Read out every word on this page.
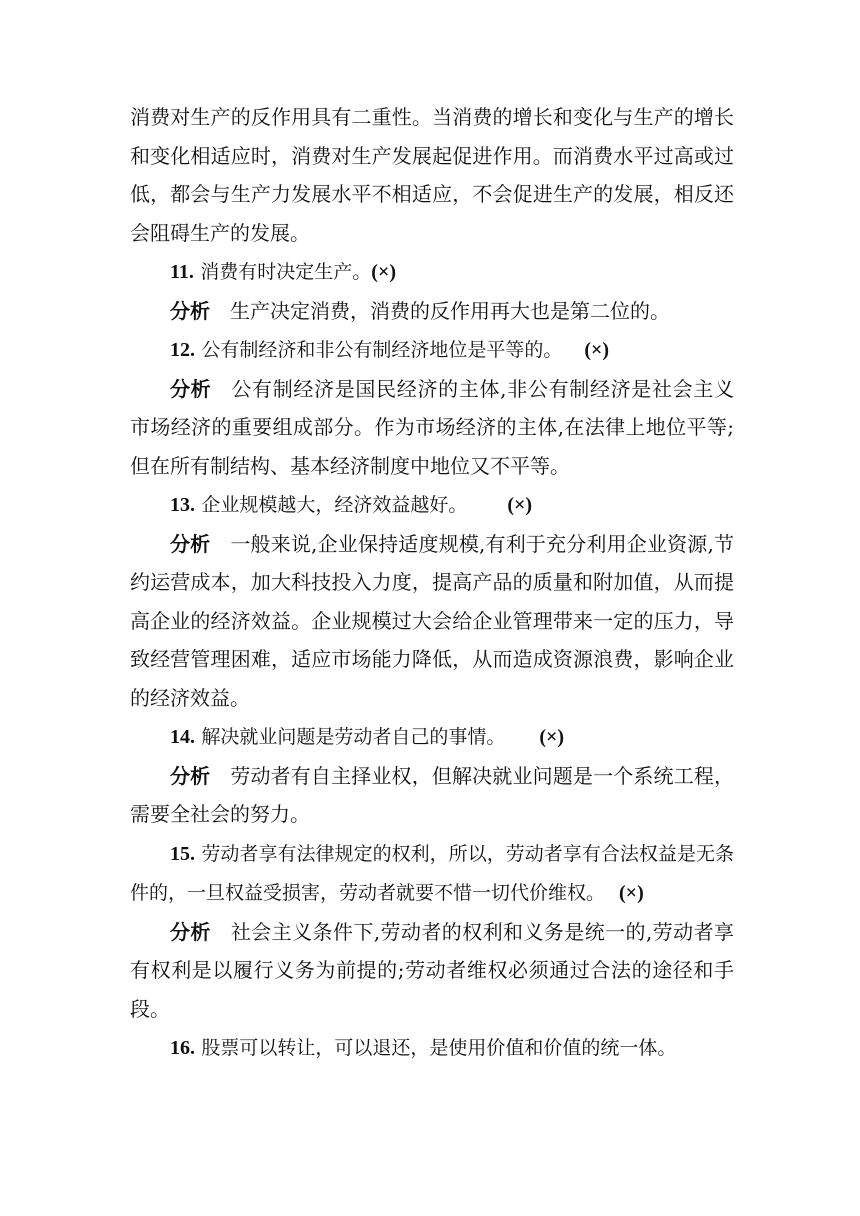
消费对生产的反作用具有二重性。当消费的增长和变化与生产的增长和变化相适应时，消费对生产发展起促进作用。而消费水平过高或过低，都会与生产力发展水平不相适应，不会促进生产的发展，相反还会阻碍生产的发展。

11. 消费有时决定生产。(×)

分析 生产决定消费，消费的反作用再大也是第二位的。

12. 公有制经济和非公有制经济地位是平等的。 (×)

分析 公有制经济是国民经济的主体,非公有制经济是社会主义市场经济的重要组成部分。作为市场经济的主体,在法律上地位平等;但在所有制结构、基本经济制度中地位又不平等。

13. 企业规模越大，经济效益越好。 (×)

分析 一般来说,企业保持适度规模,有利于充分利用企业资源,节约运营成本，加大科技投入力度，提高产品的质量和附加值，从而提高企业的经济效益。企业规模过大会给企业管理带来一定的压力，导致经营管理困难，适应市场能力降低，从而造成资源浪费，影响企业的经济效益。

14. 解决就业问题是劳动者自己的事情。 (×)

分析 劳动者有自主择业权，但解决就业问题是一个系统工程，需要全社会的努力。

15. 劳动者享有法律规定的权利，所以，劳动者享有合法权益是无条件的，一旦权益受损害，劳动者就要不惜一切代价维权。 (×)

分析 社会主义条件下,劳动者的权利和义务是统一的,劳动者享有权利是以履行义务为前提的;劳动者维权必须通过合法的途径和手段。

16. 股票可以转让，可以退还，是使用价值和价值的统一体。
